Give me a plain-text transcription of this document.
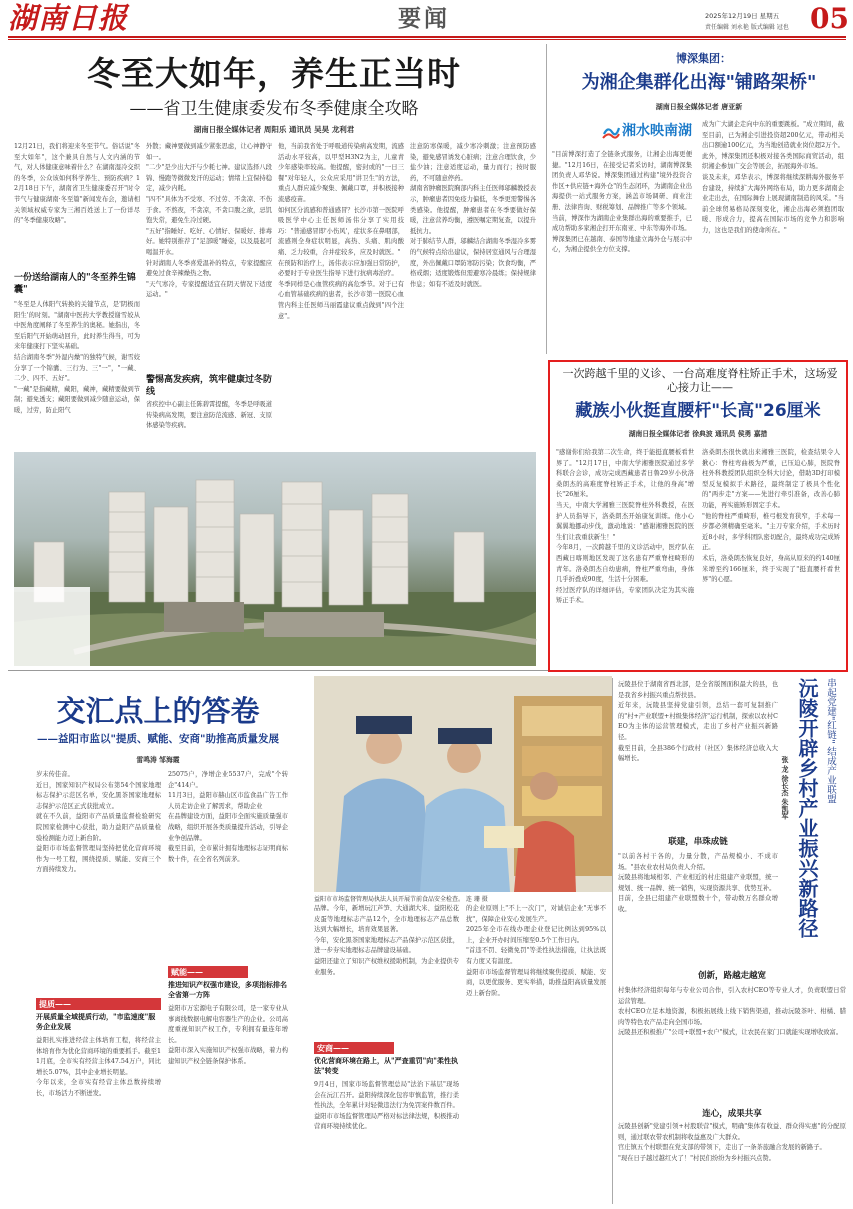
湖南日报	要闻	2025年12月19日 星期五
责任编辑 刘永艳 版式编辑 冠也 05
冬至大如年，养生正当时
——省卫生健康委发布冬季健康全攻略
湖南日报全媒体记者 周阳乐 通讯员 吴昊 龙利君
12月21日，我们将迎来冬至节气。俗话说"冬至大如年"，这个兼具自然与人文内涵的节气，对人体健康意味着什么？在湖南湿冷交织的冬季，公众该如何科学养生、预防疾病？12月18日下午，湖南省卫生健康委召开"时令节气与健康湖南·冬至篇"新闻发布会，邀请相关领域权威专家为三湘百姓送上了一份详尽的"冬季健康攻略"。
一份送给湖南人的"冬至养生锦囊"
"冬至是人体阳气转换的关键节点，是'阴极而阳生'的时刻。"湖南中医药大学教授谢雪姣从中医角度阐释了冬至养生的奥秘。她指出，冬至后阳气开始萌动回升，此时养生得当，可为来年健康打下坚实基础。
结合湖南冬季"外湿内燥"的独特气候，谢雪姣分享了一个锦囊、三行为、三"一"，"一藏、二少、四不、五好"。
"一藏"是指藏精，藏阳，藏神，藏精要做到节制；避免透支；藏阳要做到减少随意运动，保暖，过劳，防止阳气
外散；藏神要做到减少紧张思虑，让心神静守如一。
"二少"是少出大汗与少耗七神。建议选择八段锦、慢跑等微微发汗的运动；情绪上宜保持稳定，减少内耗。
"四不"具体为不受寒、不过劳、不贪凉、不伤于食。不熬夜，不贪凉，不贪口腹之欲，忌饥饱失常，避免生冷过硬。
"五好"指睡好、吃好、心情好、保暖好、排毒好。她特别推荐了"足部暖"睡姿，以及晨起可喝温开水。
针对湖南人冬季喜爱温补的特点，专家提醒应避免过食辛辣燥热之物。
"天气寒冷，专家提醒适宜在阴天情况下适度运动。"
警惕高发疾病，筑牢健康过冬防线
省疾控中心副主任陈碧霄提醒，冬季是呼吸道传染病高发期，要注意防范流感、新冠、支原体感染等疾病。
他，当前我省处于呼吸道传染病高发期，流感活动水平较高，以甲型H3N2为主，儿童青少年感染率较高。他提醒，密封或的"一日三餐"对年轻人，公众应采用"讲卫生"的方法，重点人群应减少聚集、佩戴口罩，并积极接种流感疫苗。
如何区分流感和普通感冒？长沙市第一医院呼吸医学中心主任医师汤伟分享了实用技巧："普通感冒即'小伤风'，症状多在鼻咽部，流感则全身症状明显，高热、头痛、肌肉酸痛、乏力较重，合并症较多，应及时就医。"
在预防和治疗上，汤伟表示应加强日常防护，必要时于专业医生指导下进行抗病毒治疗。
冬季同样是心血管疾病的高危季节。对于已有心血管基础疾病的患者，长沙市第一医院心血管内科主任医师马丽霞建议重点做到"四个注意"。
注意防寒保暖，减少寒冷刺激；注意预防感染，避免感冒诱发心脏病；注意合理饮食，少盐少油；注意适度运动，量力而行；按时服药，不可随意停药。
湖南省肿瘤医院胸部内科主任医师邬麟教授表示，肿瘤患者因免疫力偏低，冬季更需警惕各类感染。他提醒，肿瘤患者在冬季要做好保暖，注意营养均衡，遵医嘱定期复查，以提升抵抗力。
对于肺结节人群，邬麟结合湖南冬季湿冷多雾的气候特点给出建议，保持居室通风与合理湿度，外出佩戴口罩防寒防污染；饮食均衡，严格戒烟；适度锻炼但需避寒冷晨练；保持规律作息；如有不适及时就医。
博深集团：
为湘企集群化出海"铺路架桥"
湖南日报全媒体记者 唐亚新
湘水映南湖
"目前博深打造了全链条式服务，让湘企出海更便捷。"12月16日，在接受记者采访时，湖南博深集团负责人邓华说。博深集团通过构建"境外投资合作区+供应链+海外仓"的生态闭环，为湖南企业出海提供一站式服务方案，涵盖市场调研、商业注册、法律咨询、财税筹划、品牌推广等多个领域。
当前，博深作为湖南企业集群出海的重要推手，已成功帮助多家湘企打开东南亚、中东等海外市场。
博深集团已在越南、泰国等地建立海外仓与展示中心，为湘企提供全方位支撑。
成为广大湖企走向中东的重要跳板。"成立期间，截至目前，已为湘企引进投资超200亿元，带动相关出口额逾100亿元，为当地创造就业岗位超2万个。
此外，博深集团还积极对接各类国际商贸活动，组织湘企参加广交会等展会，拓展海外市场。
谈及未来，邓华表示，博深将继续深耕海外服务平台建设，持续扩大海外网络布局，助力更多湖南企业走出去，在国际舞台上展现湖南制造的风采。"当前全球贸易格局深刻变化，湘企出海必须抱团取暖、形成合力，提高在国际市场的竞争力和影响力，这也是我们的使命所在。"
一次跨越千里的义诊、一台高难度脊柱矫正手术，这场爱心接力让——
藏族小伙挺直腰杆"长高"26厘米
湖南日报全媒体记者 徐典波 通讯员 侯勇 嘉措
"感谢你们给我第二次生命，终于能挺直腰板看世界了。"12月17日，中南大学湘雅医院通过多学科联合会诊，成功完成西藏患者日鲁29岁小伙洛桑朗杰的高难度脊柱矫正手术，让他的身高"增长"26厘米。
当天，中南大学湘雅三医院脊柱外科教授，在医护人员指导下，洛桑朗杰开始康复训练。他小心翼翼地挪动步伐，激动地说："感谢湘雅医院的医生们让我重获新生！"
今年8月，一次跨越千里的义诊活动中，医疗队在西藏日喀则地区发现了这名患有严重脊柱畸形的青年。洛桑朗杰自幼患病，脊柱严重弯曲，身体几乎折叠成90度，生活十分困难。
经过医疗队的详细评估，专家团队决定为其实施矫正手术。
洛桑朗杰很快就出来湘雅三医院，检查结果令人揪心：脊柱弯曲极为严重，已压迫心肺，医院脊柱外科教授团队组织全科大讨论，借助3D打印模型反复模拟手术路径，最终制定了极具个性化的"两步走"方案——先进行牵引准备，改善心肺功能，再实施矫形固定手术。
"他的脊柱严重畸形，椎弓根发育狭窄，手术每一步都必须精确至毫米。"主刀专家介绍，手术历时近8小时，多学科团队密切配合，最终成功完成矫正。
术后，洛桑朗杰恢复良好，身高从原来的约140厘米增至约166厘米，终于实现了"挺直腰杆看世界"的心愿。
交汇点上的答卷
——益阳市监以"提质、赋能、安商"助推高质量发展
雷鸣涛 邹海霞
岁末传佳音。
近日，国家知识产权局公布第54个国家地理标志保护示范区名单，安化黑茶国家地理标志保护示范区正式获批成立。
就在不久前，益阳市产品质量监督检验研究院国家检测中心获批，助力益阳产品质量检验检测能力迈上新台阶。
益阳市市场监督管理局坚持把优化营商环境作为一号工程，围绕提质、赋能、安商三个方面持续发力。
提质——
开展质量全域提质行动，"市监速度"服务企业发展
益阳扎实推进经营主体培育工程，将经营主体培育作为优化营商环境的重要抓手。截至11月底，全市实有经营主体47.54万户，同比增长5.07%，其中企业增长明显。
今年以来，全市实有经营主体总数持续增长，市场活力不断迸发。
益阳市市场监督管理局执法人员开展节前食品安全检查。 连 珊 摄
25075户，净增企业5537户，完成"个转企"414户。
11月3日，益阳市赫山区市监食品广告工作人员走访企业了解需求，帮助企业
在品牌建设方面，益阳市全面实施质量强市战略，组织开展各类质量提升活动，引导企业争创品牌。
截至目前，全市累计拥有地理标志证明商标数十件，在全省名列前茅。
赋能——
推进知识产权强市建设，多项指标排名全省第一方阵
益阳市万宏源电子有限公司，是一家专业从事离线数据电解电容器生产的企业。公司高度重视知识产权工作，专利拥有量连年增长。
益阳市深入实施知识产权强市战略，着力构建知识产权全链条保护体系。
品牌。今年，新增玩江芦笋、大通湖大米、益阳松花皮蛋等地理标志产品12个，全市地理标志产品总数达到大幅增长，培育效果显著。
今年，安化黑茶国家地理标志产品保护示范区获批，进一步夯实地理标志品牌建设基础。
益阳还建立了知识产权维权援助机制，为企业提供专业服务。
安商——
优化营商环境在路上，从"严查重罚"向"柔性执法"转变
9月4日，国家市场监督管理总局"法治下基层"现场会在沅江召开。益阳持续深化包容审慎监管，推行柔性执法，全年累计对轻微违法行为免罚案件数百件。
益阳市市场监督管理局严格对标法律法规，积极推动营商环境持续优化。
的企业原则上"不上一次门"，对诚信企业"无事不扰"，保障企业安心发展生产。
2025年全市在线办理企业登记比例达到95%以上，企业开办时间压缩至0.5个工作日内。
"首违不罚、轻微免罚"等柔性执法措施，让执法既有力度又有温度。
益阳市市场监督管理局将继续聚焦提质、赋能、安商，以更优服务、更实举措，助推益阳高质量发展迈上新台阶。
沅陵县位于湖南省西北部，是全省版图面积最大的县，也是我省乡村振兴重点帮扶县。
近年来，沅陵县坚持党建引领，总结一套可复制推广的"村+产业联盟+村级集体经济"运行机制，探索以农村CEO为主体的运营管理模式，走出了乡村产业振兴新路径。
截至目前，全县386个行政村（社区）集体经济总收入大幅增长。	沅陵开辟乡村产业振兴新路径 串起党建"红链" 结成产业联盟
张 龙 徐长杰 朱凯军
联建，串珠成链
"以前各村干各的，力量分散，产品规模小、不成市场。"县农业农村局负责人介绍。
沅陵县将地域相邻、产业相近的村庄组建产业联盟，统一规划、统一品牌、统一销售，实现资源共享、优势互补。
目前，全县已组建产业联盟数十个，带动数万名群众增收。
创新，路越走越宽
村集体经济组织每年与专业公司合作，引入农村CEO等专业人才，负责联盟日常运营管理。
农村CEO立足本地资源，积极拓展线上线下销售渠道，推动沅陵茶叶、柑橘、腊肉等特色农产品走向全国市场。
沅陵县还积极推广"公司+联盟+农户"模式，让农民在家门口就能实现增收致富。
连心，成果共享
沅陵县创新"党建引领+村股联营"模式，明确"集体有收益、群众得实惠"的分配原则，通过联农带农机制将收益惠及广大群众。
官庄镇五个村联盟在党支部的带领下，走出了一条茶旅融合发展的新路子。
"现在日子越过越红火了！"村民们纷纷为乡村振兴点赞。
